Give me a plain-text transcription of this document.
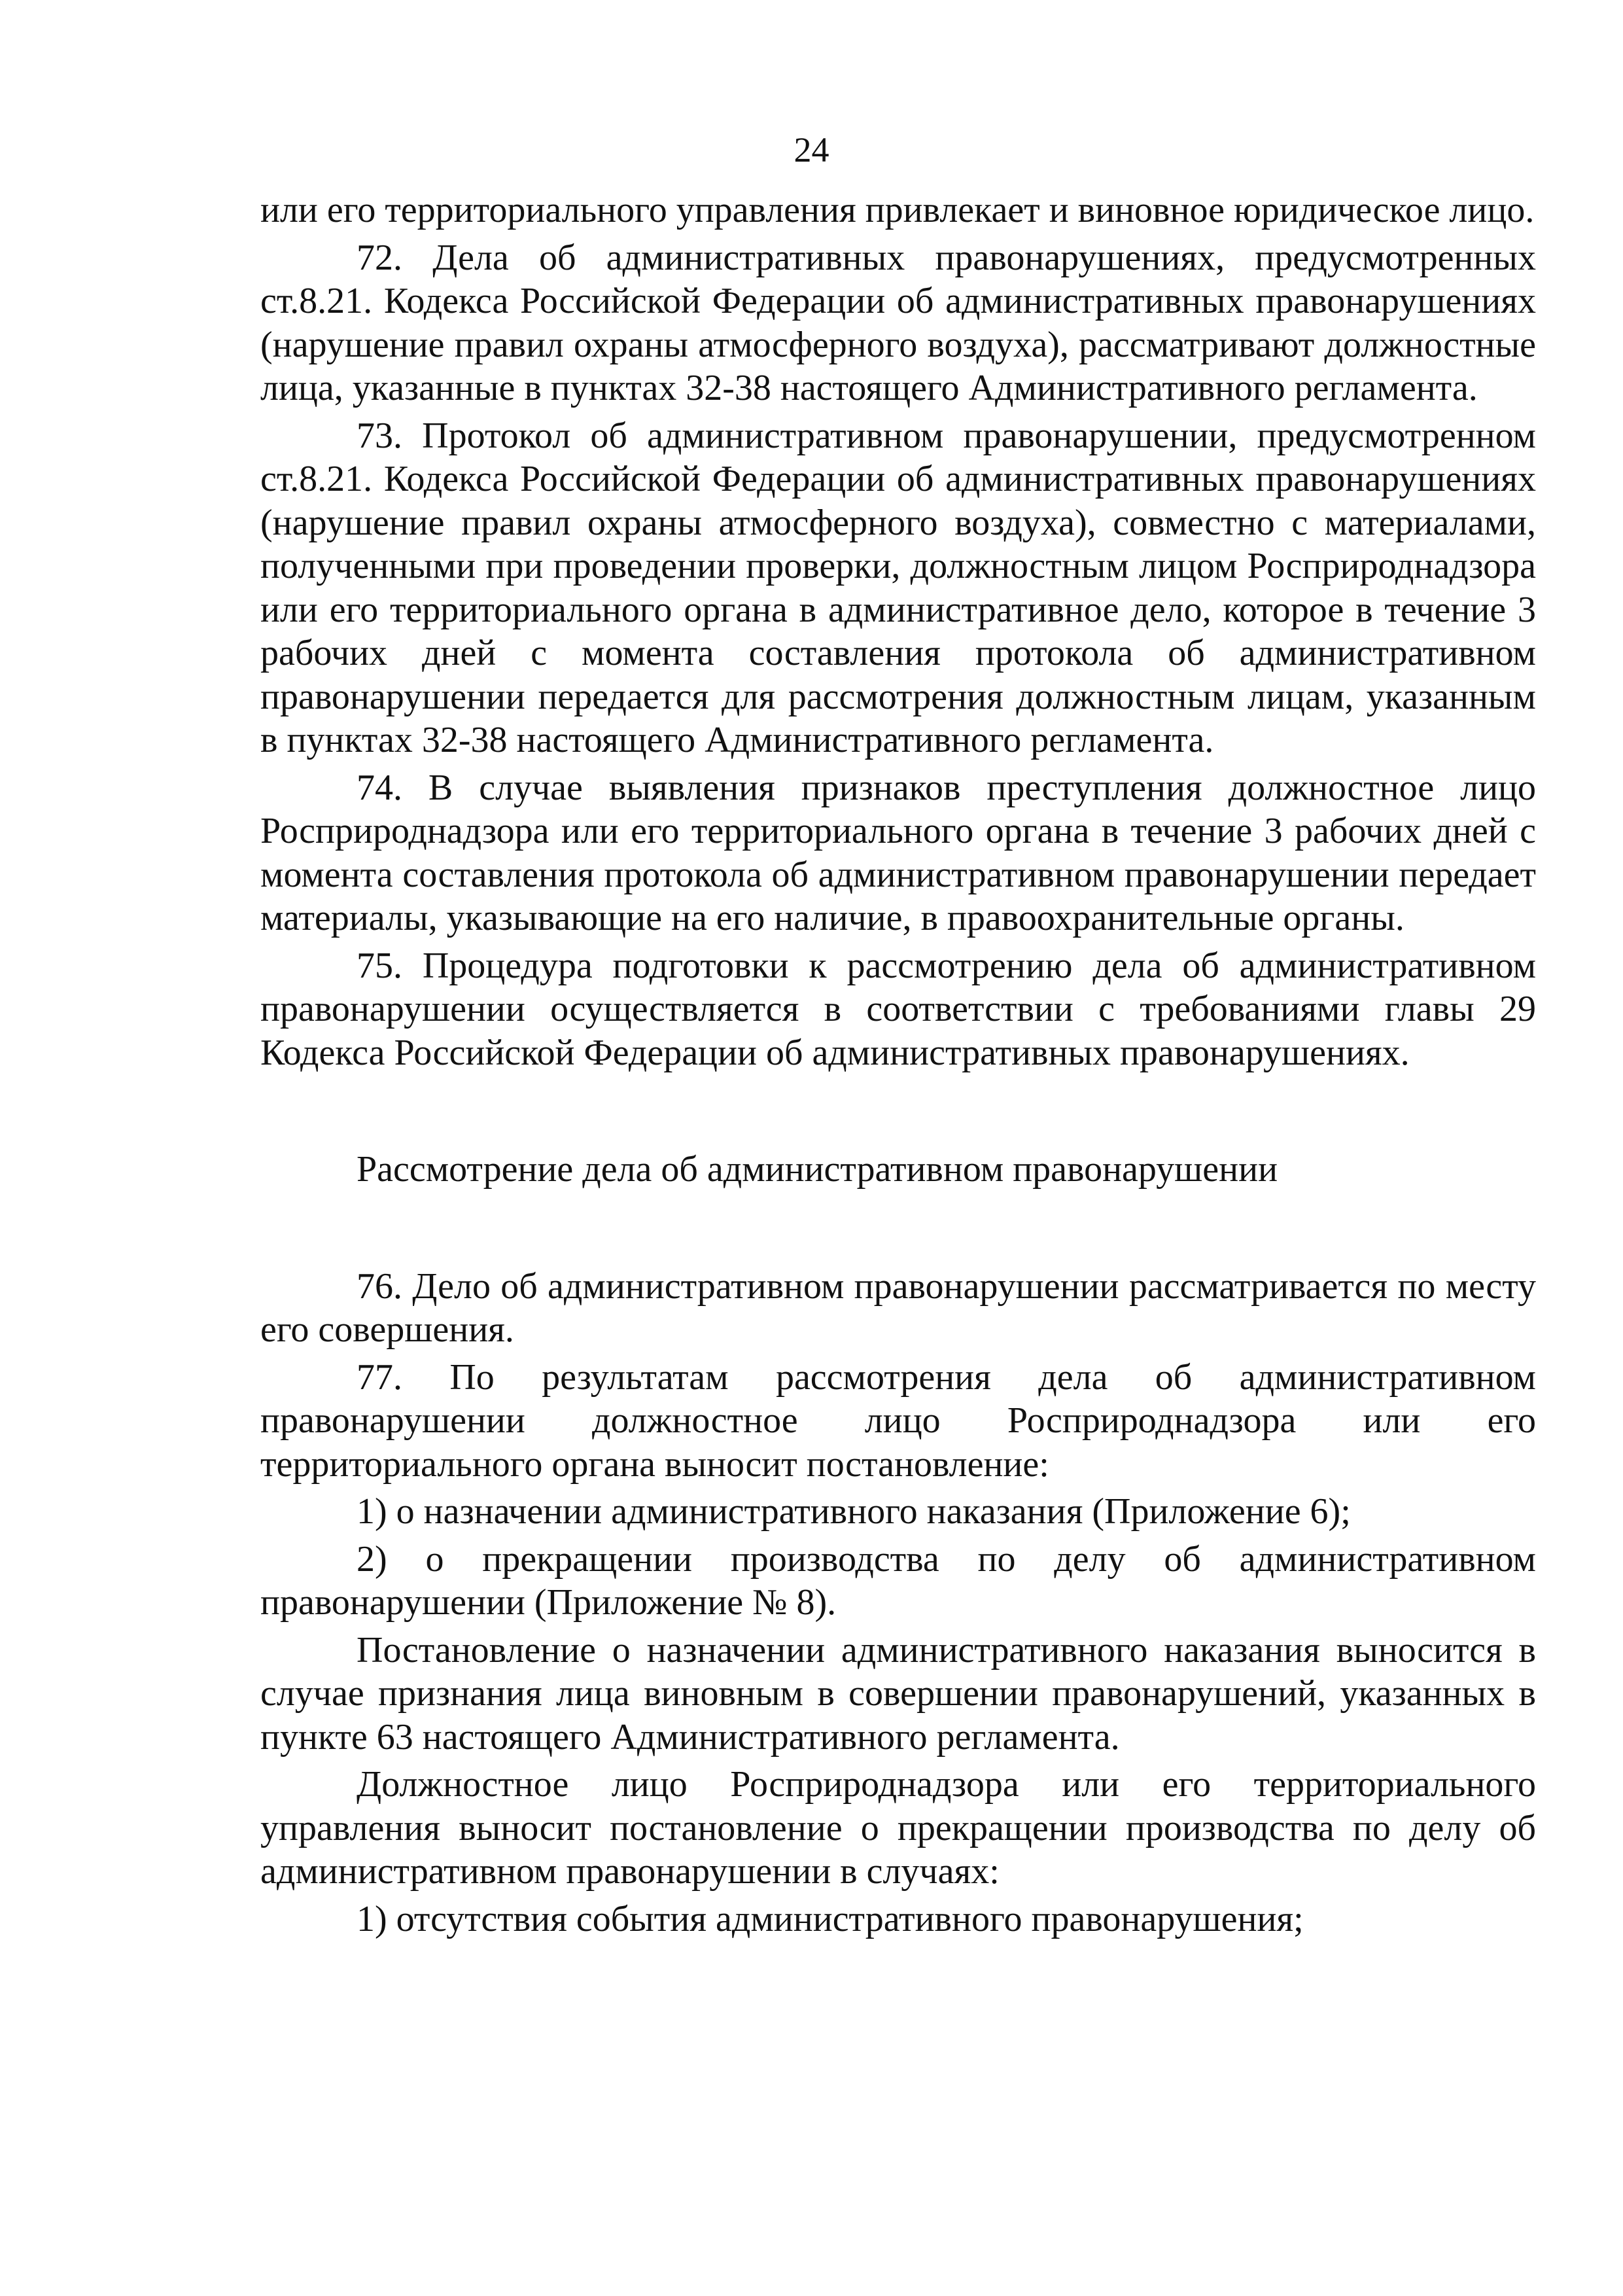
24

или его территориального управления привлекает и виновное юридическое лицо.

72. Дела об административных правонарушениях, предусмотренных ст.8.21. Кодекса Российской Федерации об административных правонарушениях (нарушение правил охраны атмосферного воздуха), рассматривают должностные лица, указанные в пунктах 32-38 настоящего Административного регламента.

73. Протокол об административном правонарушении, предусмотренном ст.8.21. Кодекса Российской Федерации об административных правонарушениях (нарушение правил охраны атмосферного воздуха), совместно с материалами, полученными при проведении проверки, должностным лицом Росприроднадзора или его территориального органа в административное дело, которое в течение 3 рабочих дней с момента составления протокола об административном правонарушении передается для рассмотрения должностным лицам, указанным в пунктах 32-38 настоящего Административного регламента.

74. В случае выявления признаков преступления должностное лицо Росприроднадзора или его территориального органа в течение 3 рабочих дней с момента составления протокола об административном правонарушении передает материалы, указывающие на его наличие, в правоохранительные органы.

75. Процедура подготовки к рассмотрению дела об административном правонарушении осуществляется в соответствии с требованиями главы 29 Кодекса Российской Федерации об административных правонарушениях.

Рассмотрение дела об административном правонарушении

76. Дело об административном правонарушении рассматривается по месту его совершения.

77. По результатам рассмотрения дела об административном правонарушении должностное лицо Росприроднадзора или его территориального органа выносит постановление:

1) о назначении административного наказания (Приложение 6);

2) о прекращении производства по делу об административном правонарушении (Приложение № 8).

Постановление о назначении административного наказания выносится в случае признания лица виновным в совершении правонарушений, указанных в пункте 63 настоящего Административного регламента.

Должностное лицо Росприроднадзора или его территориального управления выносит постановление о прекращении производства по делу об административном правонарушении в случаях:

1) отсутствия события административного правонарушения;
